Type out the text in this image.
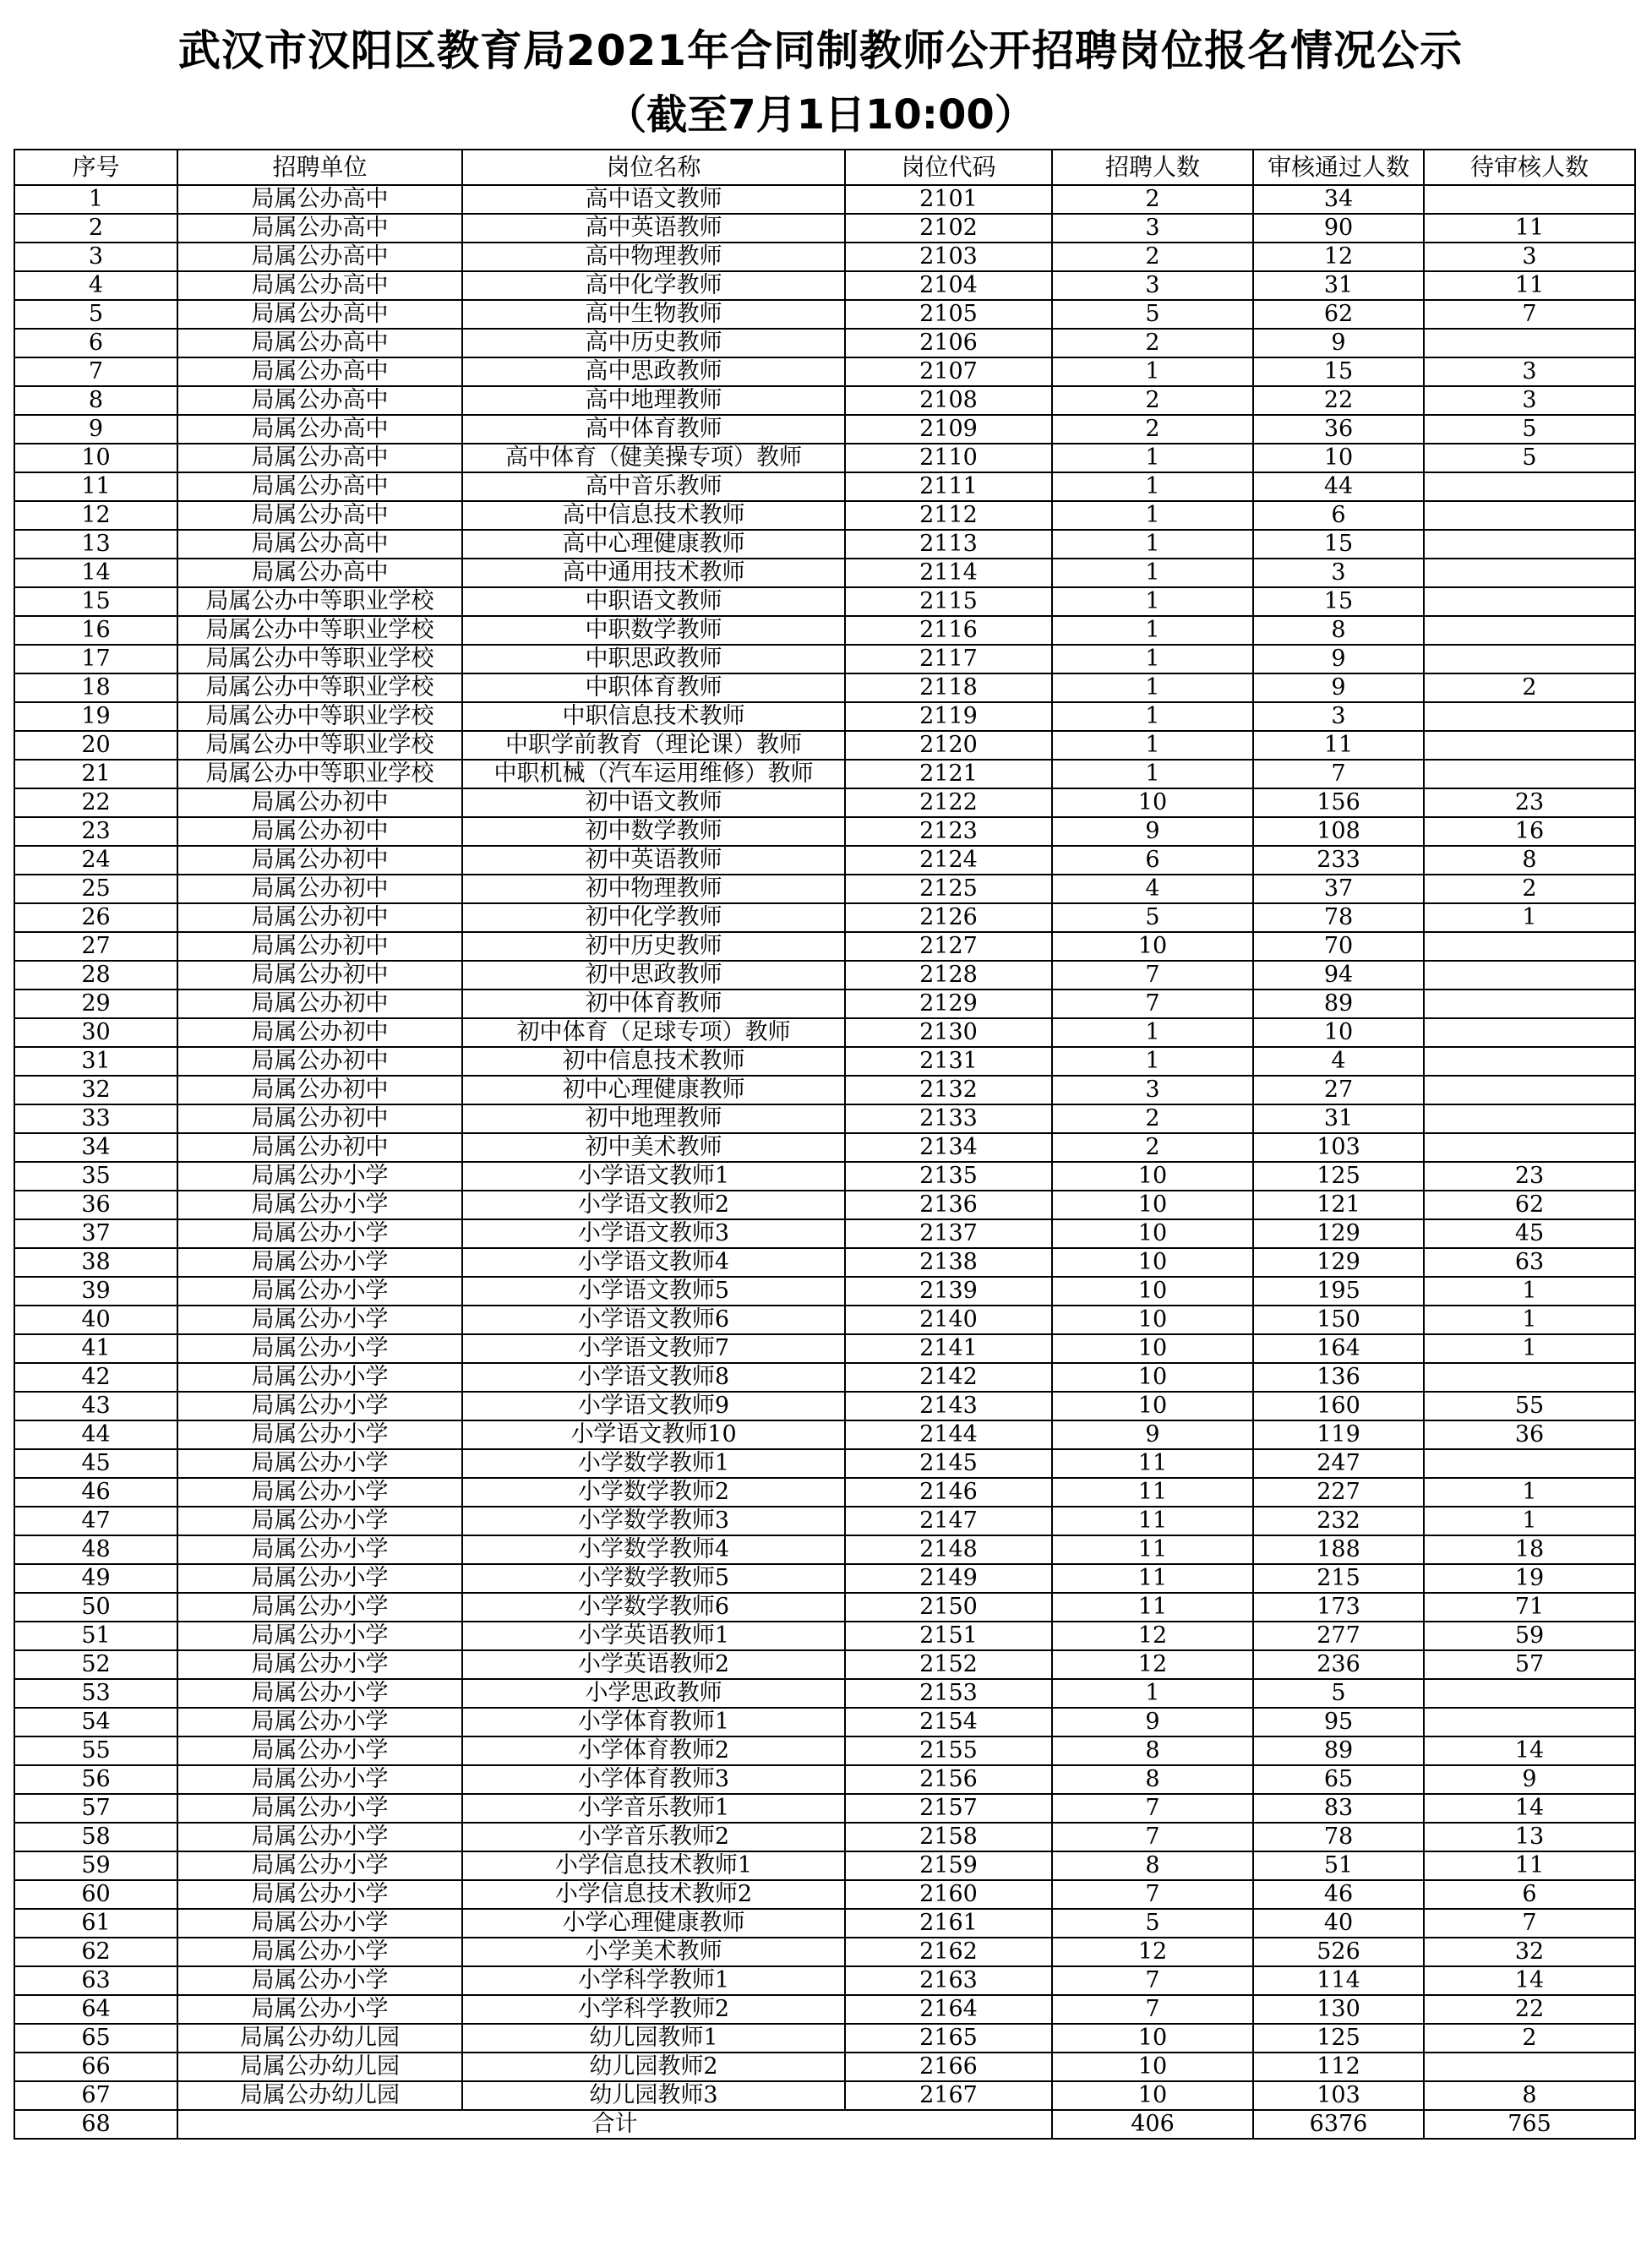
武汉市汉阳区教育局2021年合同制教师公开招聘岗位报名情况公示
（截至7月1日10:00）
序号	招聘单位	岗位名称	岗位代码	招聘人数	审核通过人数	待审核人数
1	局属公办高中	高中语文教师	2101	2	34	
2	局属公办高中	高中英语教师	2102	3	90	11
3	局属公办高中	高中物理教师	2103	2	12	3
4	局属公办高中	高中化学教师	2104	3	31	11
5	局属公办高中	高中生物教师	2105	5	62	7
6	局属公办高中	高中历史教师	2106	2	9	
7	局属公办高中	高中思政教师	2107	1	15	3
8	局属公办高中	高中地理教师	2108	2	22	3
9	局属公办高中	高中体育教师	2109	2	36	5
10	局属公办高中	高中体育（健美操专项）教师	2110	1	10	5
11	局属公办高中	高中音乐教师	2111	1	44	
12	局属公办高中	高中信息技术教师	2112	1	6	
13	局属公办高中	高中心理健康教师	2113	1	15	
14	局属公办高中	高中通用技术教师	2114	1	3	
15	局属公办中等职业学校	中职语文教师	2115	1	15	
16	局属公办中等职业学校	中职数学教师	2116	1	8	
17	局属公办中等职业学校	中职思政教师	2117	1	9	
18	局属公办中等职业学校	中职体育教师	2118	1	9	2
19	局属公办中等职业学校	中职信息技术教师	2119	1	3	
20	局属公办中等职业学校	中职学前教育（理论课）教师	2120	1	11	
21	局属公办中等职业学校	中职机械（汽车运用维修）教师	2121	1	7	
22	局属公办初中	初中语文教师	2122	10	156	23
23	局属公办初中	初中数学教师	2123	9	108	16
24	局属公办初中	初中英语教师	2124	6	233	8
25	局属公办初中	初中物理教师	2125	4	37	2
26	局属公办初中	初中化学教师	2126	5	78	1
27	局属公办初中	初中历史教师	2127	10	70	
28	局属公办初中	初中思政教师	2128	7	94	
29	局属公办初中	初中体育教师	2129	7	89	
30	局属公办初中	初中体育（足球专项）教师	2130	1	10	
31	局属公办初中	初中信息技术教师	2131	1	4	
32	局属公办初中	初中心理健康教师	2132	3	27	
33	局属公办初中	初中地理教师	2133	2	31	
34	局属公办初中	初中美术教师	2134	2	103	
35	局属公办小学	小学语文教师1	2135	10	125	23
36	局属公办小学	小学语文教师2	2136	10	121	62
37	局属公办小学	小学语文教师3	2137	10	129	45
38	局属公办小学	小学语文教师4	2138	10	129	63
39	局属公办小学	小学语文教师5	2139	10	195	1
40	局属公办小学	小学语文教师6	2140	10	150	1
41	局属公办小学	小学语文教师7	2141	10	164	1
42	局属公办小学	小学语文教师8	2142	10	136	
43	局属公办小学	小学语文教师9	2143	10	160	55
44	局属公办小学	小学语文教师10	2144	9	119	36
45	局属公办小学	小学数学教师1	2145	11	247	
46	局属公办小学	小学数学教师2	2146	11	227	1
47	局属公办小学	小学数学教师3	2147	11	232	1
48	局属公办小学	小学数学教师4	2148	11	188	18
49	局属公办小学	小学数学教师5	2149	11	215	19
50	局属公办小学	小学数学教师6	2150	11	173	71
51	局属公办小学	小学英语教师1	2151	12	277	59
52	局属公办小学	小学英语教师2	2152	12	236	57
53	局属公办小学	小学思政教师	2153	1	5	
54	局属公办小学	小学体育教师1	2154	9	95	
55	局属公办小学	小学体育教师2	2155	8	89	14
56	局属公办小学	小学体育教师3	2156	8	65	9
57	局属公办小学	小学音乐教师1	2157	7	83	14
58	局属公办小学	小学音乐教师2	2158	7	78	13
59	局属公办小学	小学信息技术教师1	2159	8	51	11
60	局属公办小学	小学信息技术教师2	2160	7	46	6
61	局属公办小学	小学心理健康教师	2161	5	40	7
62	局属公办小学	小学美术教师	2162	12	526	32
63	局属公办小学	小学科学教师1	2163	7	114	14
64	局属公办小学	小学科学教师2	2164	7	130	22
65	局属公办幼儿园	幼儿园教师1	2165	10	125	2
66	局属公办幼儿园	幼儿园教师2	2166	10	112	
67	局属公办幼儿园	幼儿园教师3	2167	10	103	8
68	合计			406	6376	765
